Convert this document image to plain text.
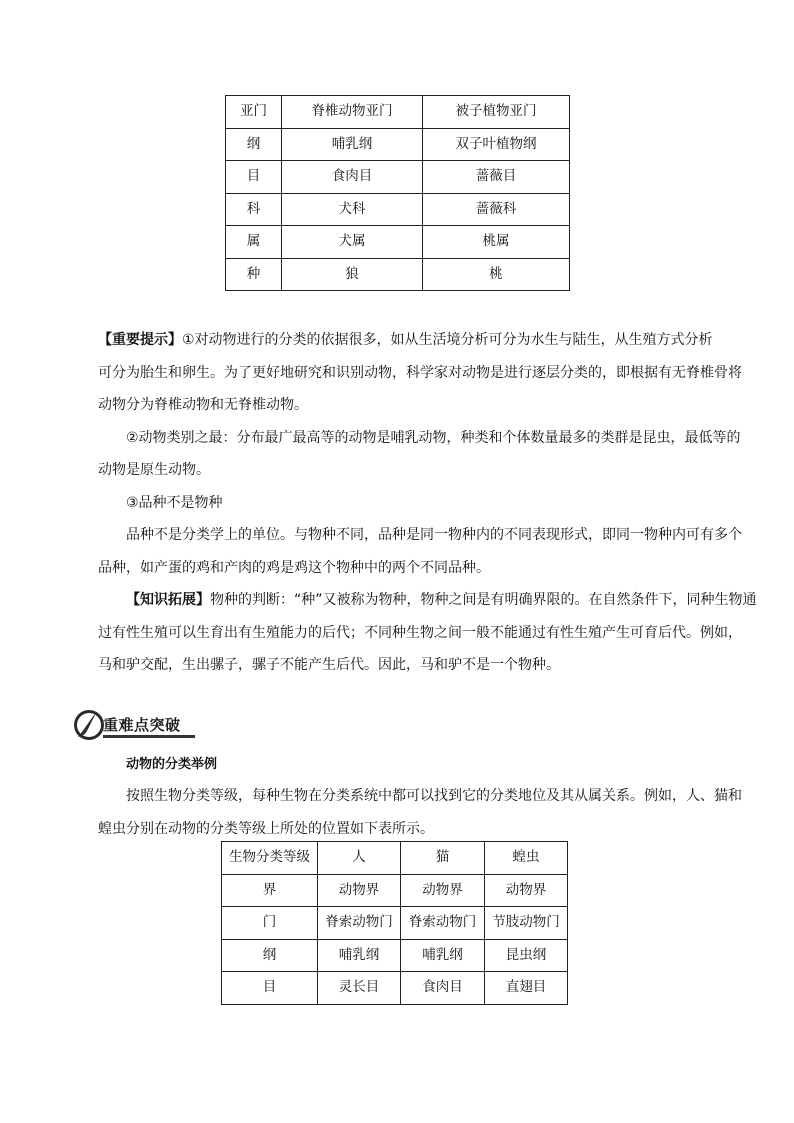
亚门	脊椎动物亚门	被子植物亚门
纲	哺乳纲	双子叶植物纲
目	食肉目	蔷薇目
科	犬科	蔷薇科
属	犬属	桃属
种	狼	桃

【重要提示】①对动物进行的分类的依据很多，如从生活境分析可分为水生与陆生，从生殖方式分析

可分为胎生和卵生。为了更好地研究和识别动物，科学家对动物是进行逐层分类的，即根据有无脊椎骨将

动物分为脊椎动物和无脊椎动物。

②动物类别之最：分布最广最高等的动物是哺乳动物，种类和个体数量最多的类群是昆虫，最低等的

动物是原生动物。

③品种不是物种

品种不是分类学上的单位。与物种不同，品种是同一物种内的不同表现形式，即同一物种内可有多个

品种，如产蛋的鸡和产肉的鸡是鸡这个物种中的两个不同品种。

【知识拓展】物种的判断：“种”又被称为物种，物种之间是有明确界限的。在自然条件下，同种生物通

过有性生殖可以生育出有生殖能力的后代；不同种生物之间一般不能通过有性生殖产生可育后代。例如，

马和驴交配，生出骡子，骡子不能产生后代。因此，马和驴不是一个物种。

重难点突破
动物的分类举例

按照生物分类等级，每种生物在分类系统中都可以找到它的分类地位及其从属关系。例如，人、猫和

蝗虫分别在动物的分类等级上所处的位置如下表所示。

生物分类等级	人	猫	蝗虫
界	动物界	动物界	动物界
门	脊索动物门	脊索动物门	节肢动物门
纲	哺乳纲	哺乳纲	昆虫纲
目	灵长目	食肉目	直翅目
